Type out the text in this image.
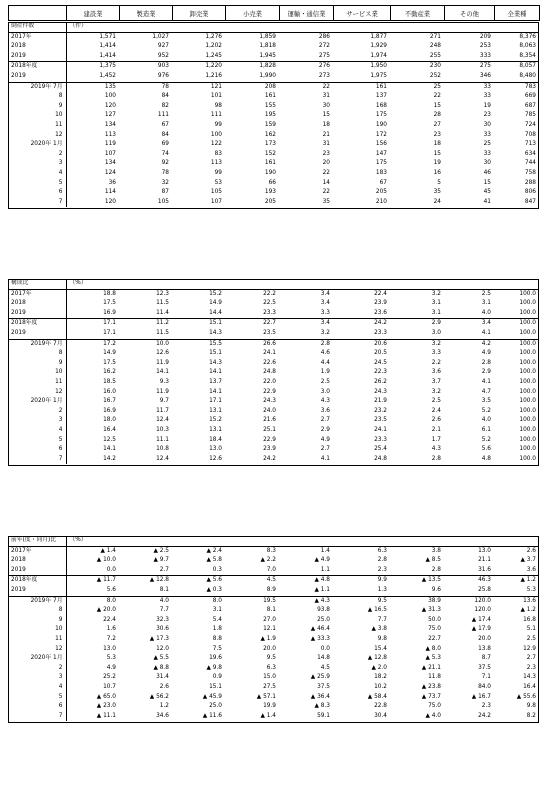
	建設業	製造業	卸売業	小売業	運輸・通信業	サービス業	不動産業	その他	全業種
倒産件数	（件）								
2017年	1,571	1,027	1,276	1,859	286	1,877	271	209	8,376
2018	1,414	927	1,202	1,818	272	1,929	248	253	8,063
2019	1,414	952	1,245	1,945	275	1,974	255	333	8,354
2018年度	1,375	903	1,220	1,828	276	1,950	230	275	8,057
2019	1,452	976	1,216	1,990	273	1,975	252	346	8,480
2019年 7月	135	78	121	208	22	161	25	33	783
8	100	84	101	161	31	137	22	33	669
9	120	82	98	155	30	168	15	19	687
10	127	111	111	195	15	175	28	23	785
11	134	67	99	159	18	190	27	30	724
12	113	84	100	162	21	172	23	33	708
2020年 1月	119	69	122	173	31	156	18	25	713
2	107	74	83	152	23	147	15	33	634
3	134	92	113	161	20	175	19	30	744
4	124	78	99	190	22	183	16	46	758
5	36	32	53	66	14	67	5	15	288
6	114	87	105	193	22	205	35	45	806
7	120	105	107	205	35	210	24	41	847
構成比	（%）								
2017年	18.8	12.3	15.2	22.2	3.4	22.4	3.2	2.5	100.0
2018	17.5	11.5	14.9	22.5	3.4	23.9	3.1	3.1	100.0
2019	16.9	11.4	14.4	23.3	3.3	23.6	3.1	4.0	100.0
2018年度	17.1	11.2	15.1	22.7	3.4	24.2	2.9	3.4	100.0
2019	17.1	11.5	14.3	23.5	3.2	23.3	3.0	4.1	100.0
2019年 7月	17.2	10.0	15.5	26.6	2.8	20.6	3.2	4.2	100.0
8	14.9	12.6	15.1	24.1	4.6	20.5	3.3	4.9	100.0
9	17.5	11.9	14.3	22.6	4.4	24.5	2.2	2.8	100.0
10	16.2	14.1	14.1	24.8	1.9	22.3	3.6	2.9	100.0
11	18.5	9.3	13.7	22.0	2.5	26.2	3.7	4.1	100.0
12	16.0	11.9	14.1	22.9	3.0	24.3	3.2	4.7	100.0
2020年 1月	16.7	9.7	17.1	24.3	4.3	21.9	2.5	3.5	100.0
2	16.9	11.7	13.1	24.0	3.6	23.2	2.4	5.2	100.0
3	18.0	12.4	15.2	21.6	2.7	23.5	2.6	4.0	100.0
4	16.4	10.3	13.1	25.1	2.9	24.1	2.1	6.1	100.0
5	12.5	11.1	18.4	22.9	4.9	23.3	1.7	5.2	100.0
6	14.1	10.8	13.0	23.9	2.7	25.4	4.3	5.6	100.0
7	14.2	12.4	12.6	24.2	4.1	24.8	2.8	4.8	100.0
前年(度・同月)比	（%）								
2017年	▲ 1.4	▲ 2.5	▲ 2.4	8.3	1.4	6.3	3.8	13.0	2.6
2018	▲ 10.0	▲ 9.7	▲ 5.8	▲ 2.2	▲ 4.9	2.8	▲ 8.5	21.1	▲ 3.7
2019	0.0	2.7	0.3	7.0	1.1	2.3	2.8	31.6	3.6
2018年度	▲ 11.7	▲ 12.8	▲ 5.6	4.5	▲ 4.8	9.9	▲ 13.5	46.3	▲ 1.2
2019	5.6	8.1	▲ 0.3	8.9	▲ 1.1	1.3	9.6	25.8	5.3
2019年 7月	8.0	4.0	8.0	19.5	▲ 4.3	9.5	38.9	120.0	13.6
8	▲ 20.0	7.7	3.1	8.1	93.8	▲ 16.5	▲ 31.3	120.0	▲ 1.2
9	22.4	32.3	5.4	27.0	25.0	7.7	50.0	▲ 17.4	16.8
10	1.6	30.6	1.8	12.1	▲ 46.4	▲ 3.8	75.0	▲ 17.9	5.1
11	7.2	▲ 17.3	8.8	▲ 1.9	▲ 33.3	9.8	22.7	20.0	2.5
12	13.0	12.0	7.5	20.0	0.0	15.4	▲ 8.0	13.8	12.9
2020年 1月	5.3	▲ 5.5	19.6	9.5	14.8	▲ 12.8	▲ 5.3	8.7	2.7
2	4.9	▲ 8.8	▲ 9.8	6.3	4.5	▲ 2.0	▲ 21.1	37.5	2.3
3	25.2	31.4	0.9	15.0	▲ 25.9	18.2	11.8	7.1	14.3
4	10.7	2.6	15.1	27.5	37.5	10.2	▲ 23.8	84.0	16.4
5	▲ 65.0	▲ 56.2	▲ 45.9	▲ 57.1	▲ 36.4	▲ 58.4	▲ 73.7	▲ 16.7	▲ 55.6
6	▲ 23.0	1.2	25.0	19.9	▲ 8.3	22.8	75.0	2.3	9.8
7	▲ 11.1	34.6	▲ 11.6	▲ 1.4	59.1	30.4	▲ 4.0	24.2	8.2
